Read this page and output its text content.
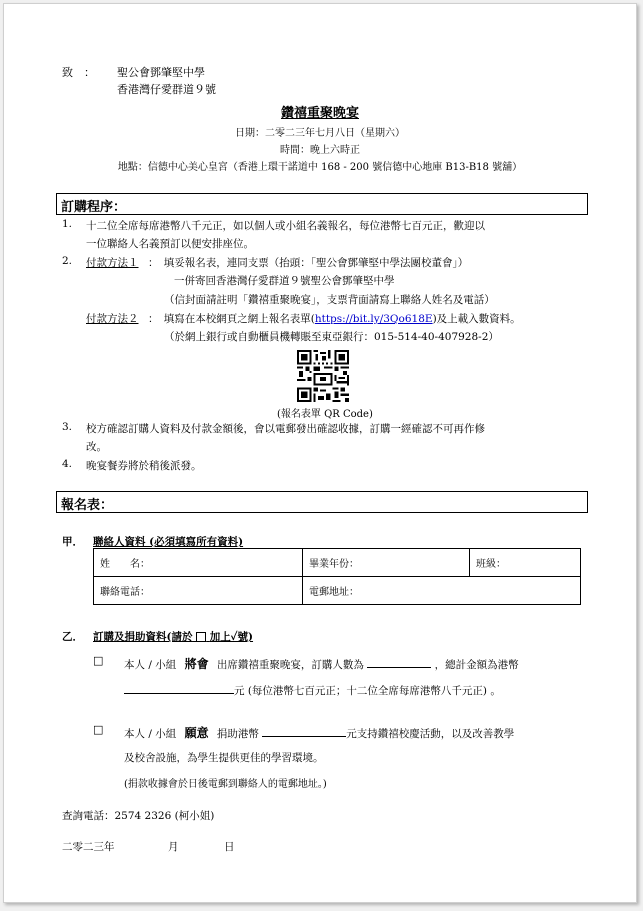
致　： 聖公會鄧肇堅中學
香港灣仔愛群道９號
鑽禧重聚晚宴
日期：二零二三年七月八日（星期六）
時間：晚上六時正
地點：信德中心美心皇宮（香港上環干諾道中 168 - 200 號信德中心地庫 B13-B18 號舖）
訂購程序：
1. 十二位全席每席港幣八千元正，如以個人或小組名義報名，每位港幣七百元正，歡迎以
一位聯絡人名義預訂以便安排座位。
2. 付款方法１ ：　填妥報名表，連同支票（抬頭：「聖公會鄧肇堅中學法團校董會」）
一併寄回香港灣仔愛群道９號聖公會鄧肇堅中學
（信封面請註明「鑽禧重聚晚宴」，支票背面請寫上聯絡人姓名及電話）
付款方法２ ：　填寫在本校網頁之網上報名表單(https://bit.ly/3Qo618E)及上載入數資料。
（於網上銀行或自動櫃員機轉賬至東亞銀行：015-514-40-407928-2）
(報名表單 QR Code)
3. 校方確認訂購人資料及付款金額後，會以電郵發出確認收據，訂購一經確認不可再作修
改。
4. 晚宴餐券將於稍後派發。
報名表：
甲． 聯絡人資料 (必須填寫所有資料)
姓　　名：	畢業年份：	班級：
聯絡電話：	電郵地址：	
乙． 訂購及捐助資料(請於 加上✓號)
□ 本人 / 小組 將會 出席鑽禧重聚晚宴，訂購人數為	，總計金額為港幣
元 (每位港幣七百元正；十二位全席每席港幣八千元正) 。
□ 本人 / 小組 願意 捐助港幣	元支持鑽禧校慶活動，以及改善教學
及校舍設施，為學生提供更佳的學習環境。
(捐款收據會於日後電郵到聯絡人的電郵地址。)
查詢電話：2574 2326 (柯小姐)
二零二三年	月	日
